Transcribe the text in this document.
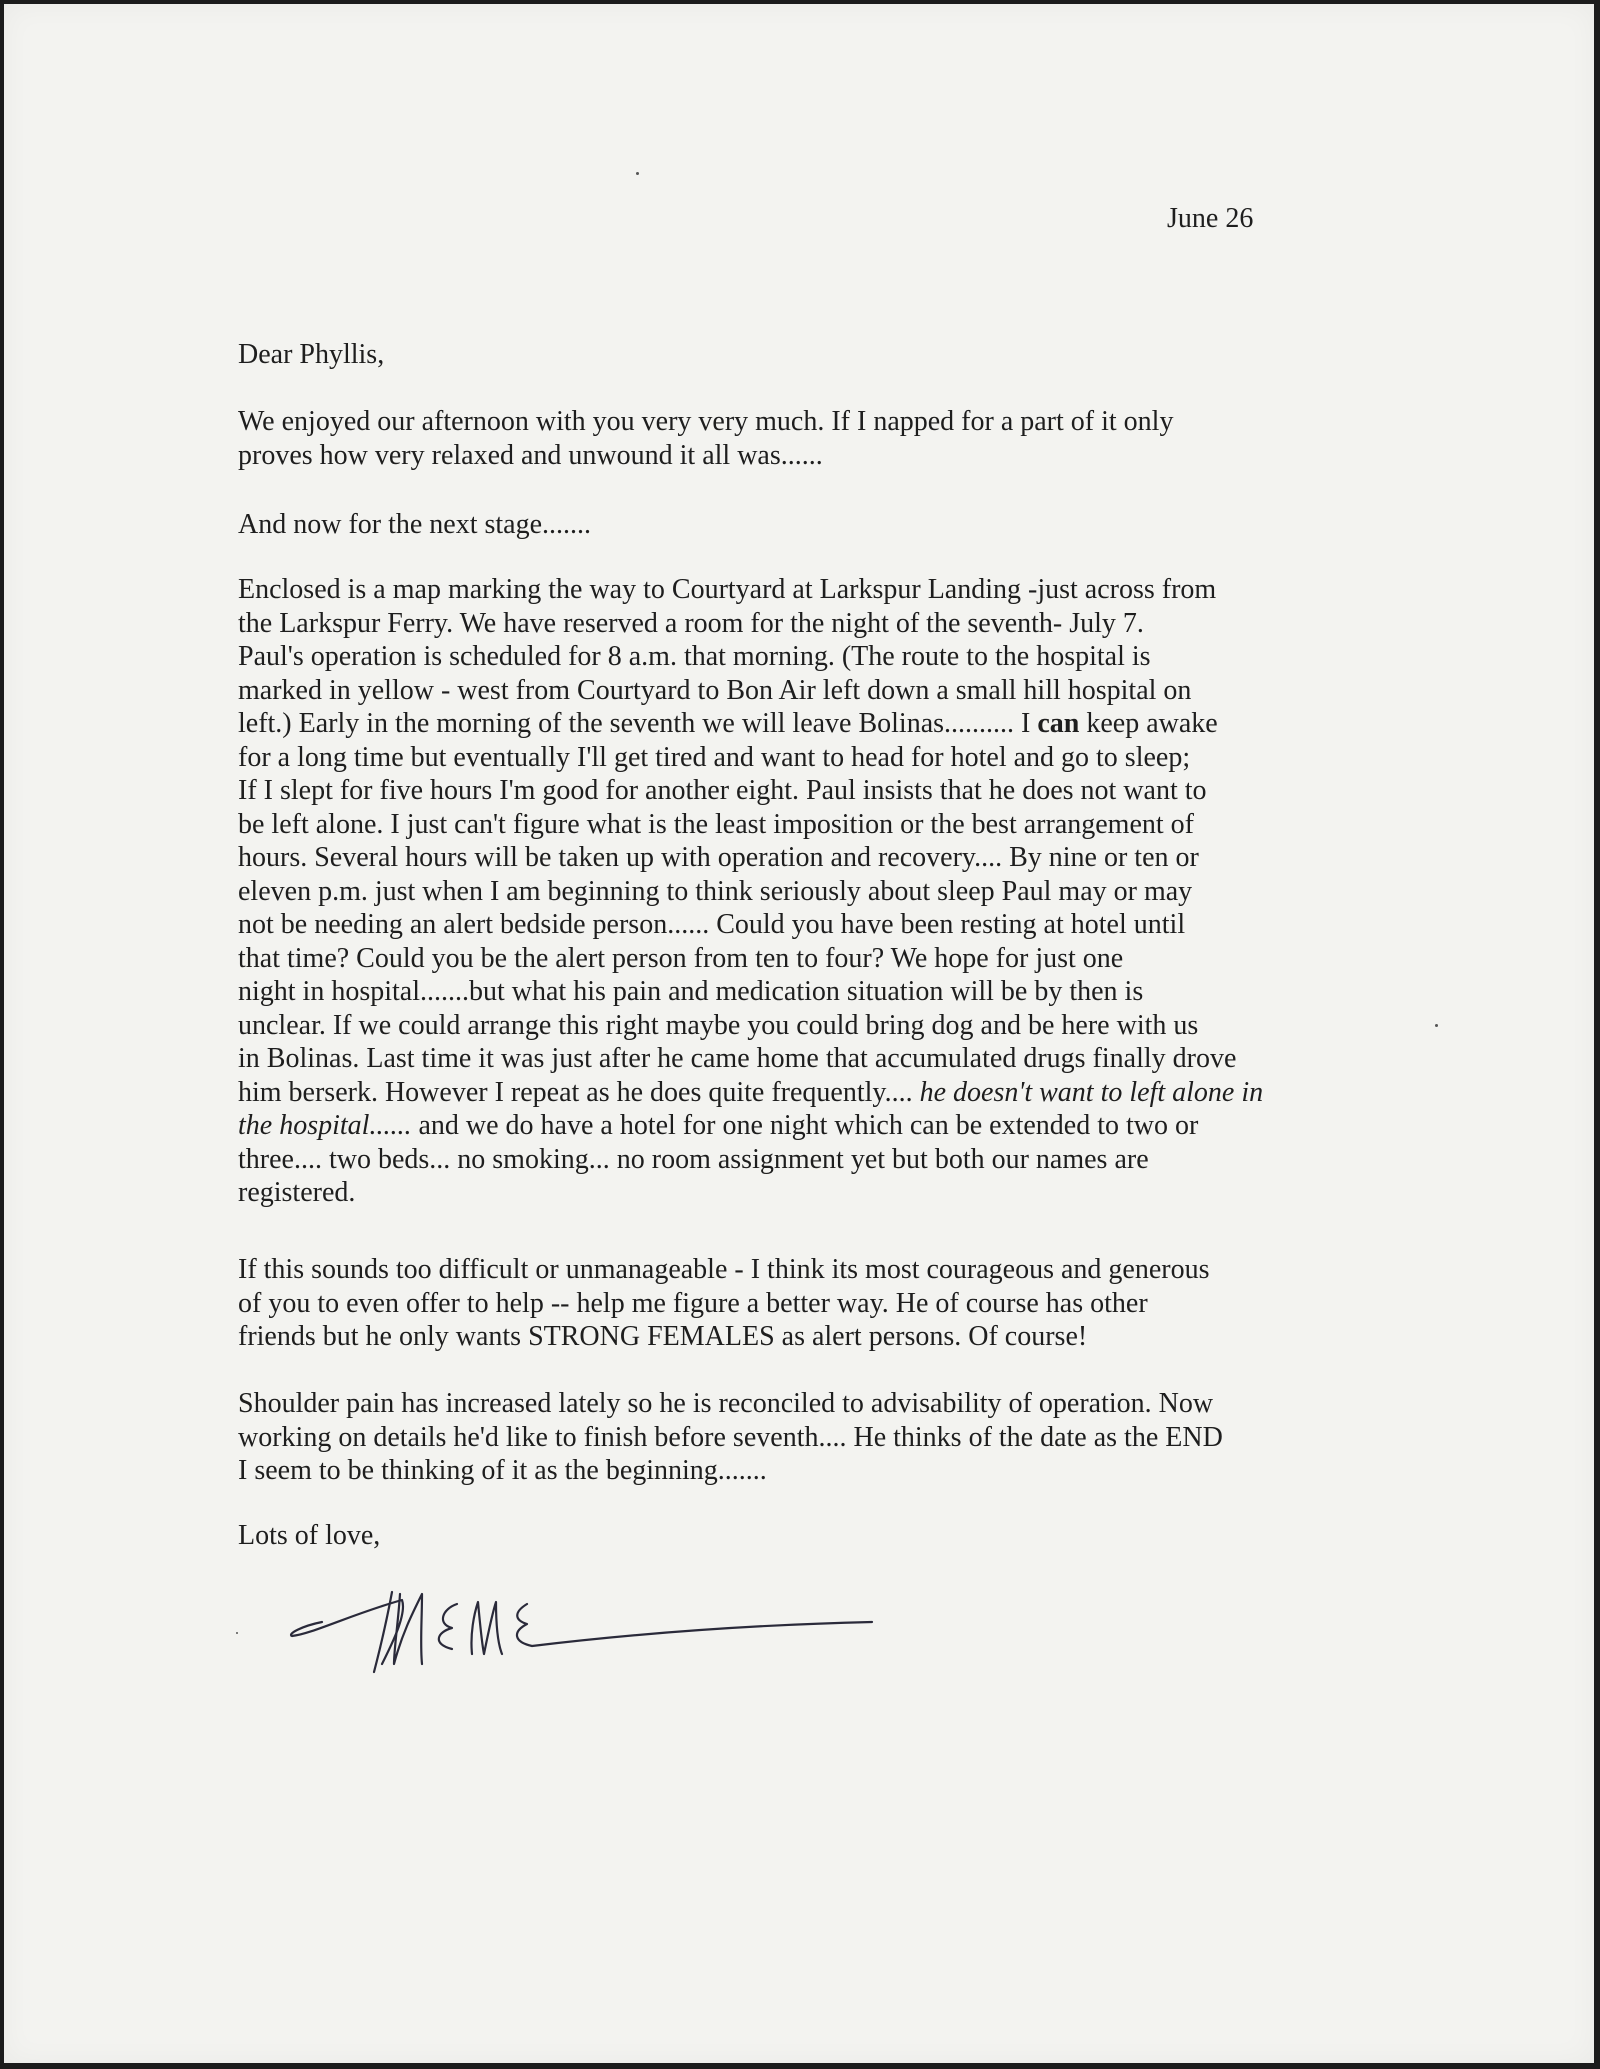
June 26
Dear Phyllis,

We enjoyed our afternoon with you very very much. If I napped for a part of it only

proves how very relaxed and unwound it all was......

And now for the next stage.......

Enclosed is a map marking the way to Courtyard at Larkspur Landing -just across from

the Larkspur Ferry. We have reserved a room for the night of the seventh- July 7.

Paul's operation is scheduled for 8 a.m. that morning. (The route to the hospital is

marked in yellow - west from Courtyard to Bon Air left down a small hill hospital on

left.) Early in the morning of the seventh we will leave Bolinas.......... I can keep awake

for a long time but eventually I'll get tired and want to head for hotel and go to sleep;

If I slept for five hours I'm good for another eight. Paul insists that he does not want to

be left alone. I just can't figure what is the least imposition or the best arrangement of

hours. Several hours will be taken up with operation and recovery.... By nine or ten or

eleven p.m. just when I am beginning to think seriously about sleep Paul may or may

not be needing an alert bedside person...... Could you have been resting at hotel until

that time? Could you be the alert person from ten to four? We hope for just one

night in hospital.......but what his pain and medication situation will be by then is

unclear. If we could arrange this right maybe you could bring dog and be here with us

in Bolinas. Last time it was just after he came home that accumulated drugs finally drove

him berserk. However I repeat as he does quite frequently.... he doesn't want to left alone in

the hospital...... and we do have a hotel for one night which can be extended to two or

three.... two beds... no smoking... no room assignment yet but both our names are

registered.

If this sounds too difficult or unmanageable - I think its most courageous and generous

of you to even offer to help -- help me figure a better way. He of course has other

friends but he only wants STRONG FEMALES as alert persons. Of course!

Shoulder pain has increased lately so he is reconciled to advisability of operation. Now

working on details he'd like to finish before seventh.... He thinks of the date as the END

I seem to be thinking of it as the beginning.......

Lots of love,
